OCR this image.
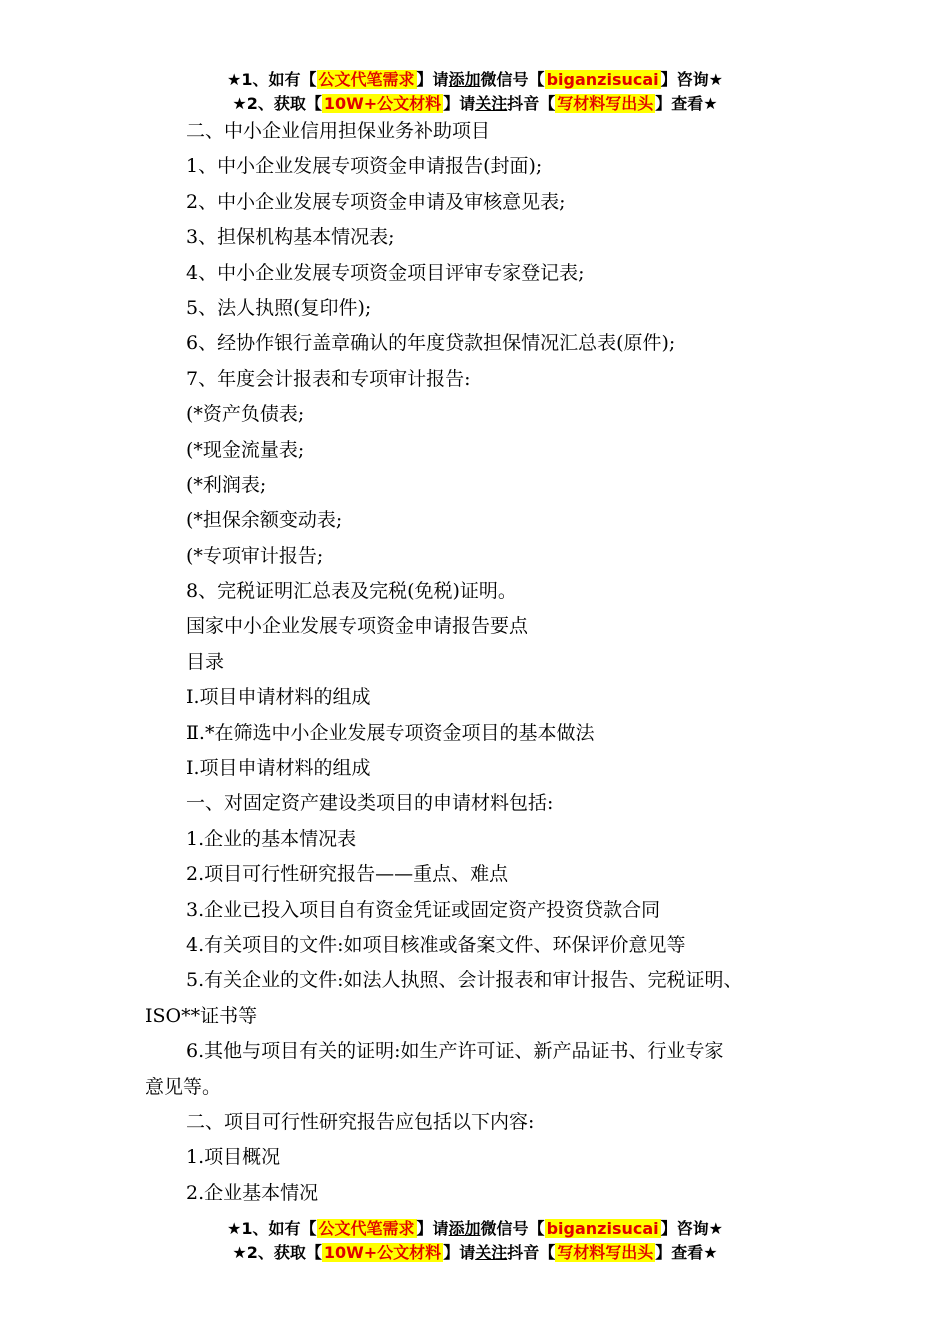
★1、如有【 公文代笔需求 】请添加微信号【 biganzisucai 】咨询★
★2、获取【 10W+公文材料 】请关注抖音【 写材料写出头 】查看★
二、中小企业信用担保业务补助项目
1、中小企业发展专项资金申请报告(封面);
2、中小企业发展专项资金申请及审核意见表;
3、担保机构基本情况表;
4、中小企业发展专项资金项目评审专家登记表;
5、法人执照(复印件);
6、经协作银行盖章确认的年度贷款担保情况汇总表(原件);
7、年度会计报表和专项审计报告:
(*资产负债表;
(*现金流量表;
(*利润表;
(*担保余额变动表;
(*专项审计报告;
8、完税证明汇总表及完税(免税)证明。
国家中小企业发展专项资金申请报告要点
目录
Ⅰ.项目申请材料的组成
Ⅱ.*在筛选中小企业发展专项资金项目的基本做法
Ⅰ.项目申请材料的组成
一、对固定资产建设类项目的申请材料包括:
1.企业的基本情况表
2.项目可行性研究报告——重点、难点
3.企业已投入项目自有资金凭证或固定资产投资贷款合同
4.有关项目的文件:如项目核准或备案文件、环保评价意见等
5.有关企业的文件:如法人执照、会计报表和审计报告、完税证明、
ISO**证书等
6.其他与项目有关的证明:如生产许可证、新产品证书、行业专家
意见等。
二、项目可行性研究报告应包括以下内容:
1.项目概况
2.企业基本情况
★1、如有【 公文代笔需求 】请添加微信号【 biganzisucai 】咨询★
★2、获取【 10W+公文材料 】请关注抖音【 写材料写出头 】查看★
